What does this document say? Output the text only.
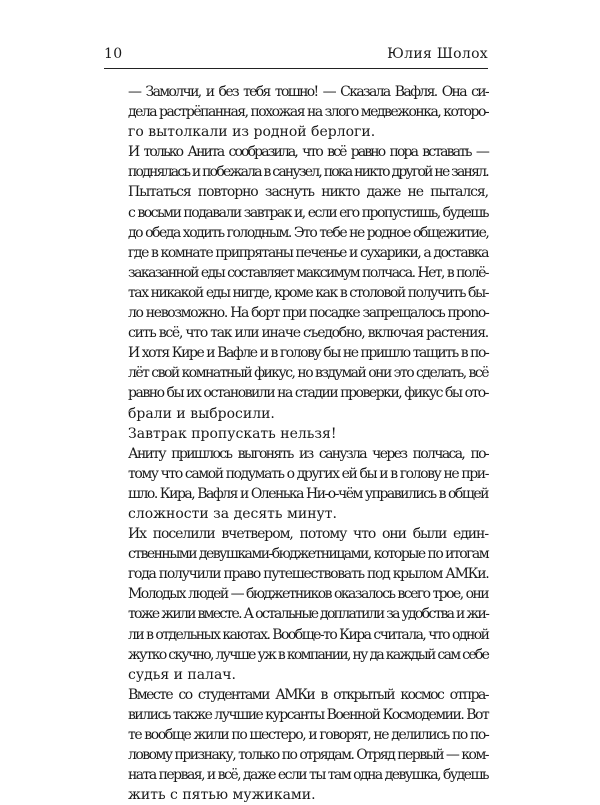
10	Юлия Шолох

— Замолчи, и без тебя тошно! — Сказала Вафля. Она си-
дела растрёпанная, похожая на злого медвежонка, которо-
го вытолкали из родной берлоги.

И только Анита сообразила, что всё равно пора вставать —
поднялась и побежала в санузел, пока никто другой не занял.

Пытаться повторно заснуть никто даже не пытался,
с восьми подавали завтрак и, если его пропустишь, будешь
до обеда ходить голодным. Это тебе не родное общежитие,
где в комнате припрятаны печенье и сухарики, а доставка
заказанной еды составляет максимум полчаса. Нет, в полё-
тах никакой еды нигде, кроме как в столовой получить бы-
ло невозможно. На борт при посадке запрещалось прono-
сить всё, что так или иначе съедобно, включая растения.
И хотя Кире и Вафле и в голову бы не пришло тащить в по-
лёт свой комнатный фикус, но вздумай они это сделать, всё
равно бы их остановили на стадии проверки, фикус бы ото-
брали и выбросили.

Завтрак пропускать нельзя!

Аниту пришлось выгонять из санузла через полчаса, по-
тому что самой подумать о других ей бы и в голову не при-
шло. Кира, Вафля и Оленька Ни-о-чём управились в общей
сложности за десять минут.

Их поселили вчетвером, потому что они были един-
ственными девушками-бюджетницами, которые по итогам
года получили право путешествовать под крылом АМКи.
Молодых людей — бюджетников оказалось всего трое, они
тоже жили вместе. А остальные доплатили за удобства и жи-
ли в отдельных каютах. Вообще-то Кира считала, что одной
жутко скучно, лучше уж в компании, ну да каждый сам себе
судья и палач.

Вместе со студентами АМКи в открытый космос отпра-
вились также лучшие курсанты Военной Космодемии. Вот
те вообще жили по шестеро, и говорят, не делились по по-
ловому признаку, только по отрядам. Отряд первый — ком-
ната первая, и всё, даже если ты там одна девушка, будешь
жить с пятью мужиками.
